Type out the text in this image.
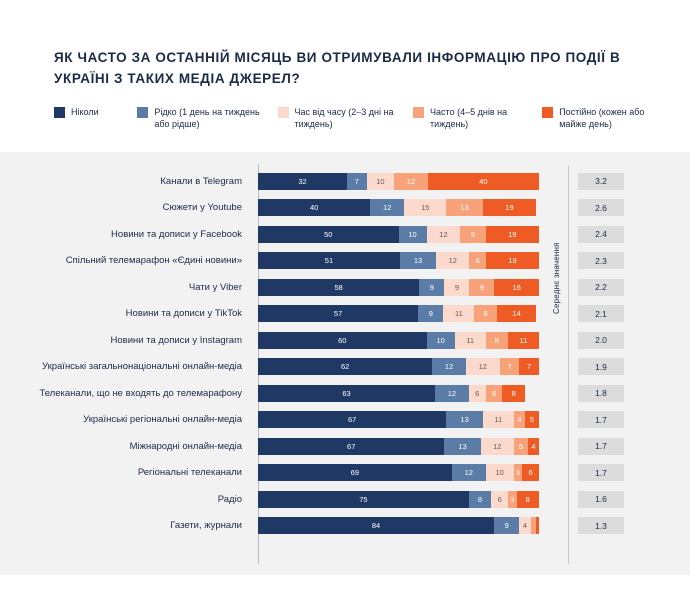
ЯК ЧАСТО ЗА ОСТАННІЙ МІСЯЦЬ ВИ ОТРИМУВАЛИ ІНФОРМАЦІЮ ПРО ПОДІЇ В УКРАЇНІ З ТАКИХ МЕДІА ДЖЕРЕЛ?
Ніколи	Рідко (1 день на тиждень або рідше)
Час від часу (2–3 дні на тиждень)
Часто (4–5 днів на тиждень)
Постійно (кожен або майже день)
Середнє значення
Канали в Telegram	32	7	10	12	40	3.2
Сюжети у Youtube	40	12	15	13	19	2.6
Новини та дописи у Facebook	50	10	12	9	19	2.4
Спільний телемарафон «Єдині новини»	51	13	12	6	19	2.3
Чати у Viber	58	9	9	9	16	2.2
Новини та дописи у TikTok	57	9	11	8	14	2.1
Новини та дописи у Instagram	60	10	11	8	11	2.0
Українські загальнонаціональні онлайн-медіа	62	12	12	7	7	1.9
Телеканали, що не входять до телемарафону	63	12	6	6	8	1.8
Українські регіональні онлайн-медіа	67	13	11	4	5	1.7
Міжнародні онлайн-медіа	67	13	12	5	4	1.7
Регіональні телеканали	69	12	10	3	6	1.7
Радіо	75	8	6	3	8	1.6
Газети, журнали	84	9	4	1.3
